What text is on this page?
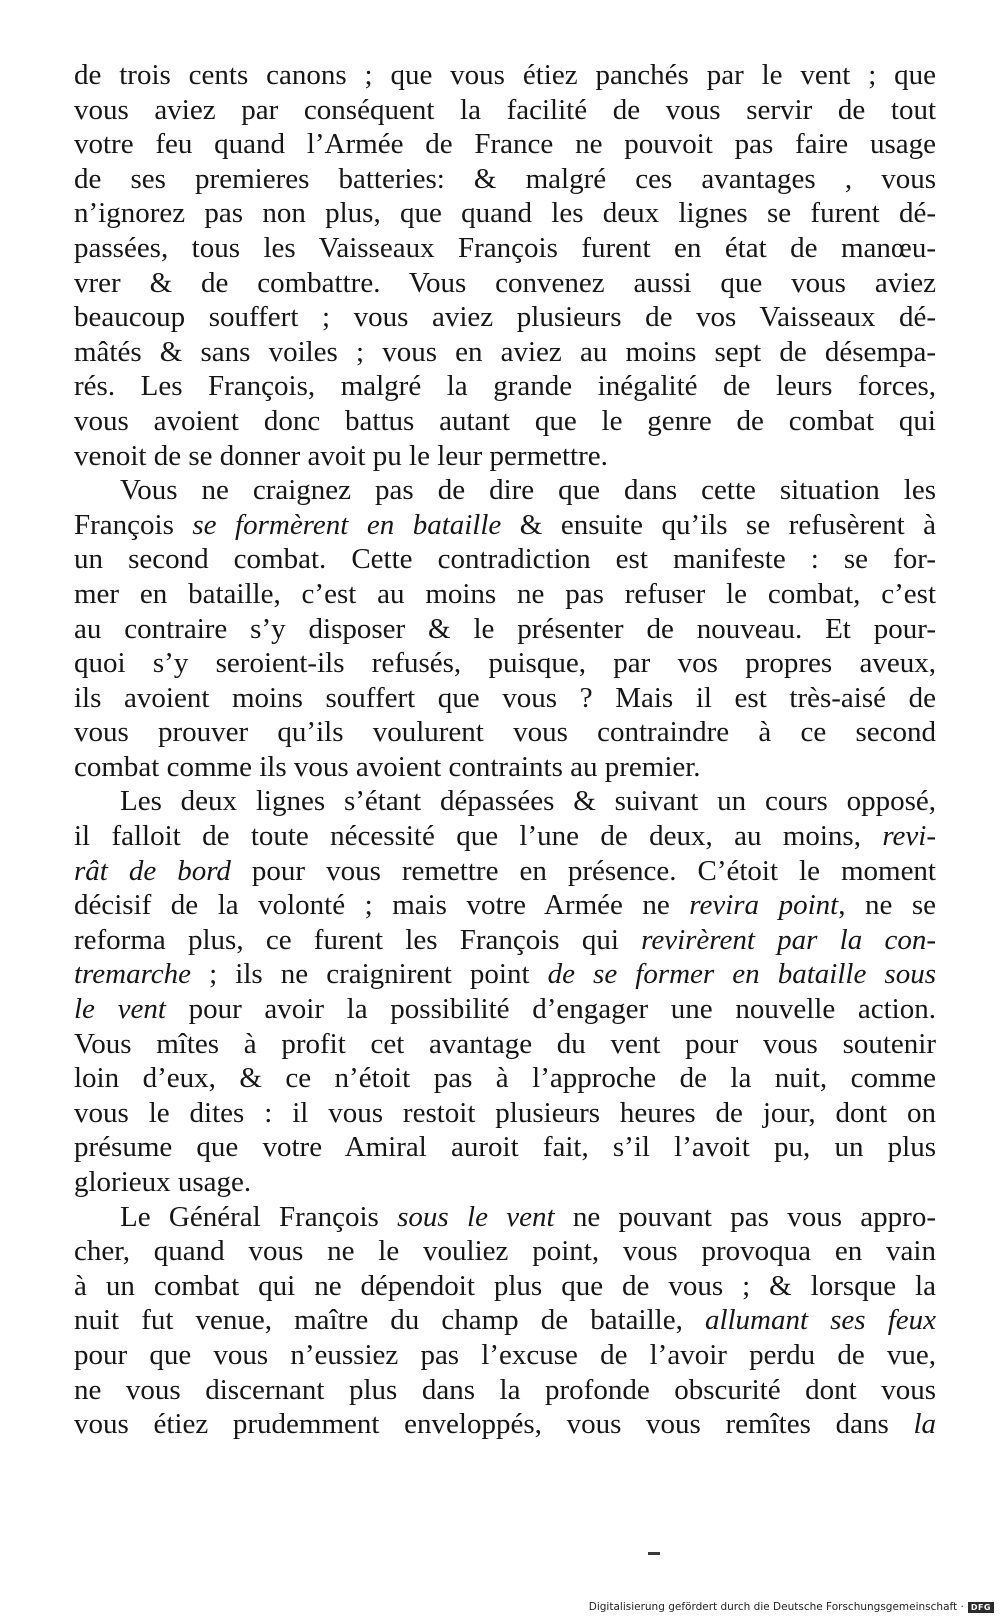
de trois cents canons ; que vous étiez panchés par le vent ; que
vous aviez par conséquent la facilité de vous servir de tout
votre feu quand l’Armée de France ne pouvoit pas faire usage
de ses premieres batteries: & malgré ces avantages , vous
n’ignorez pas non plus, que quand les deux lignes se furent dé-
passées, tous les Vaisseaux François furent en état de manœu-
vrer & de combattre. Vous convenez aussi que vous aviez
beaucoup souffert ; vous aviez plusieurs de vos Vaisseaux dé-
mâtés & sans voiles ; vous en aviez au moins sept de désempa-
rés. Les François, malgré la grande inégalité de leurs forces,
vous avoient donc battus autant que le genre de combat qui
venoit de se donner avoit pu le leur permettre.
Vous ne craignez pas de dire que dans cette situation les
François se formèrent en bataille & ensuite qu’ils se refusèrent à
un second combat. Cette contradiction est manifeste : se for-
mer en bataille, c’est au moins ne pas refuser le combat, c’est
au contraire s’y disposer & le présenter de nouveau. Et pour-
quoi s’y seroient-ils refusés, puisque, par vos propres aveux,
ils avoient moins souffert que vous ? Mais il est très-aisé de
vous prouver qu’ils voulurent vous contraindre à ce second
combat comme ils vous avoient contraints au premier.
Les deux lignes s’étant dépassées & suivant un cours opposé,
il falloit de toute nécessité que l’une de deux, au moins, revi-
rât de bord pour vous remettre en présence. C’étoit le moment
décisif de la volonté ; mais votre Armée ne revira point, ne se
reforma plus, ce furent les François qui revirèrent par la con-
tremarche ; ils ne craignirent point de se former en bataille sous
le vent pour avoir la possibilité d’engager une nouvelle action.
Vous mîtes à profit cet avantage du vent pour vous soutenir
loin d’eux, & ce n’étoit pas à l’approche de la nuit, comme
vous le dites : il vous restoit plusieurs heures de jour, dont on
présume que votre Amiral auroit fait, s’il l’avoit pu, un plus
glorieux usage.
Le Général François sous le vent ne pouvant pas vous appro-
cher, quand vous ne le vouliez point, vous provoqua en vain
à un combat qui ne dépendoit plus que de vous ; & lorsque la
nuit fut venue, maître du champ de bataille, allumant ses feux
pour que vous n’eussiez pas l’excuse de l’avoir perdu de vue,
ne vous discernant plus dans la profonde obscurité dont vous
vous étiez prudemment enveloppés, vous vous remîtes dans la
Digitalisierung gefördert durch die Deutsche Forschungsgemeinschaft · DFG
